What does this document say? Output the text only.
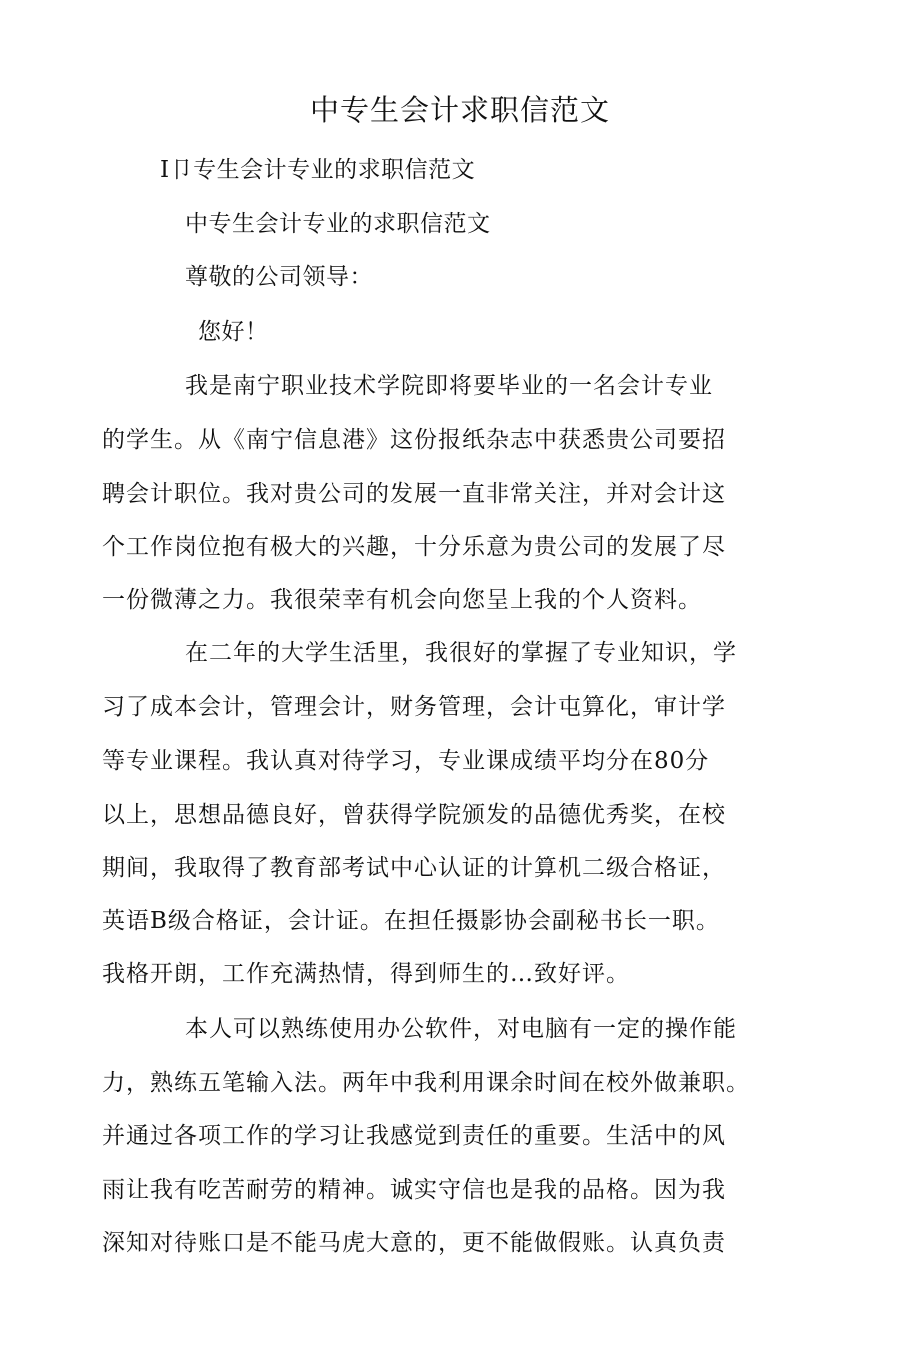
中专生会计求职信范文
I卩专生会计专业的求职信范文
中专生会计专业的求职信范文
尊敬的公司领导：
您好！
我是南宁职业技术学院即将要毕业的一名会计专业
的学生。从《南宁信息港》这份报纸杂志中获悉贵公司要招
聘会计职位。我对贵公司的发展一直非常关注，并对会计这
个工作岗位抱有极大的兴趣，十分乐意为贵公司的发展了尽
一份微薄之力。我很荣幸有机会向您呈上我的个人资料。
在二年的大学生活里，我很好的掌握了专业知识，学
习了成本会计，管理会计，财务管理，会计屯算化，审计学
等专业课程。我认真对待学习，专业课成绩平均分在80分
以上，思想品德良好，曾获得学院颁发的品德优秀奖，在校
期间，我取得了教育部考试中心认证的计算机二级合格证，
英语B级合格证，会计证。在担任摄影协会副秘书长一职。
我格开朗，工作充满热情，得到师生的…致好评。
本人可以熟练使用办公软件，对电脑有一定的操作能
力，熟练五笔输入法。两年中我利用课余时间在校外做兼职。
并通过各项工作的学习让我感觉到责任的重要。生活中的风
雨让我有吃苦耐劳的精神。诚实守信也是我的品格。因为我
深知对待账口是不能马虎大意的，更不能做假账。认真负责
